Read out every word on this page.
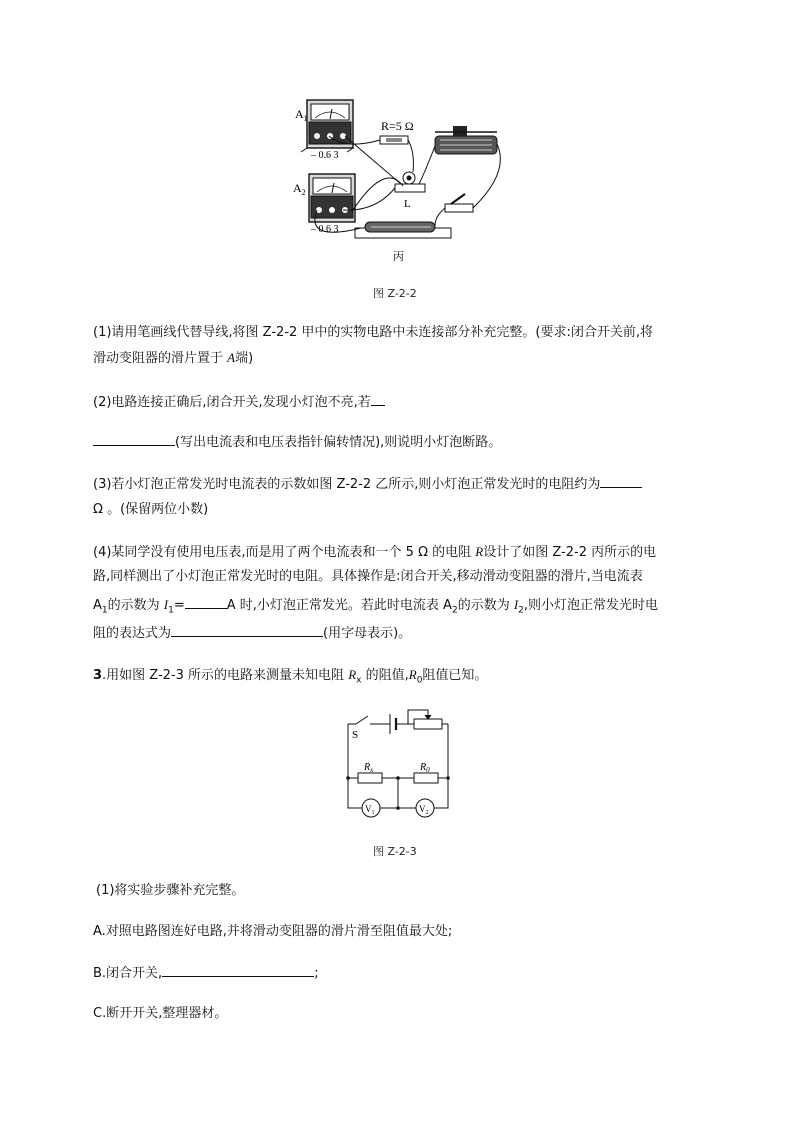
$A_1$
– 0.6 3
R=5 Ω
$A_2$
– 0.6 3
L
丙
图 Z-2-2

(1)请用笔画线代替导线,将图 Z-2-2 甲中的实物电路中未连接部分补充完整。(要求:闭合开关前,将

滑动变阻器的滑片置于 A端)

(2)电路连接正确后,闭合开关,发现小灯泡不亮,若

(写出电流表和电压表指针偏转情况),则说明小灯泡断路。

(3)若小灯泡正常发光时电流表的示数如图 Z-2-2 乙所示,则小灯泡正常发光时的电阻约为

Ω 。(保留两位小数)

(4)某同学没有使用电压表,而是用了两个电流表和一个 5 Ω 的电阻 R设计了如图 Z-2-2 丙所示的电

路,同样测出了小灯泡正常发光时的电阻。具体操作是:闭合开关,移动滑动变阻器的滑片,当电流表

$A_1$的示数为 $I_1=$	A 时,小灯泡正常发光。若此时电流表 $A_2$的示数为 $I_2$,则小灯泡正常发光时电

阻的表达式为	(用字母表示)。

3.用如图 Z-2-3 所示的电路来测量未知电阻 $R_x$ 的阻值$,R_0$阻值已知。

S
$R_x$	$R_0$
$V_1$	$V_2$
图 Z-2-3

(1)将实验步骤补充完整。

A.对照电路图连好电路,并将滑动变阻器的滑片滑至阻值最大处;

B.闭合开关,	;

C.断开开关,整理器材。
